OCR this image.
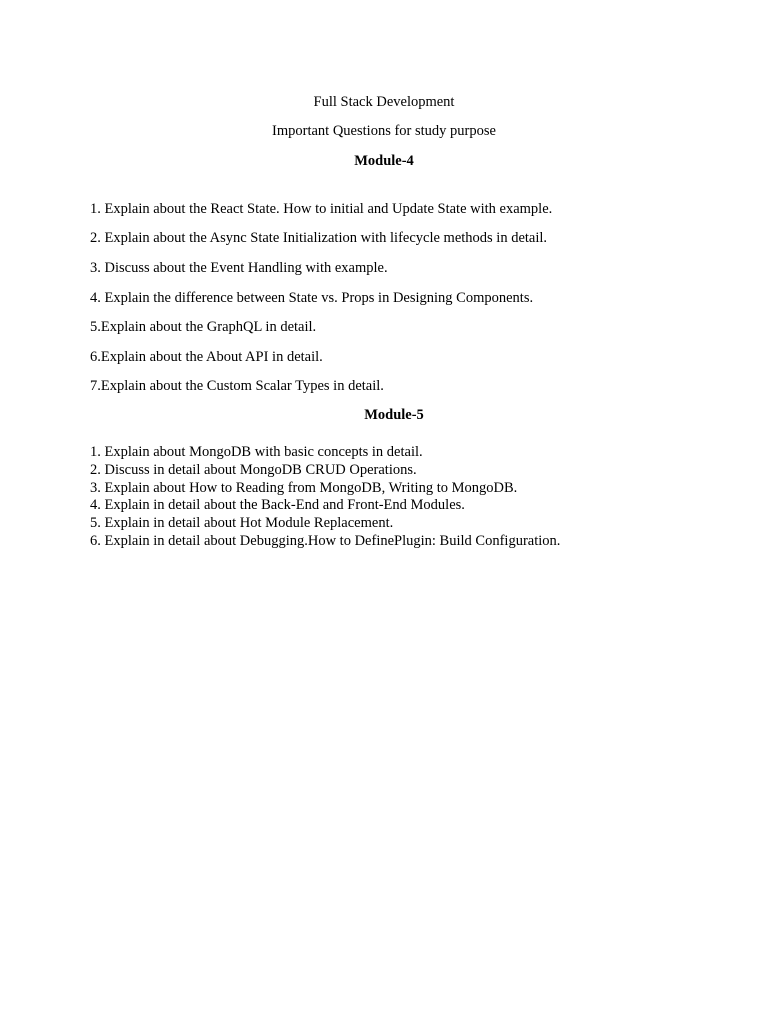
Full Stack Development
Important Questions for study purpose
Module-4
1. Explain about the React State. How to initial and Update State with example.
2. Explain about the Async State Initialization with lifecycle methods in detail.
3. Discuss about the Event Handling with example.
4. Explain the difference between State vs. Props in Designing Components.
5.Explain about the GraphQL in detail.
6.Explain about the About API in detail.
7.Explain about the Custom Scalar Types in detail.
Module-5
1. Explain about MongoDB with basic concepts in detail.
2. Discuss in detail about MongoDB CRUD Operations.
3. Explain about How to Reading from MongoDB, Writing to MongoDB.
4. Explain in detail about the Back-End and Front-End Modules.
5. Explain in detail about Hot Module Replacement.
6. Explain in detail about Debugging.How to DefinePlugin: Build Configuration.
